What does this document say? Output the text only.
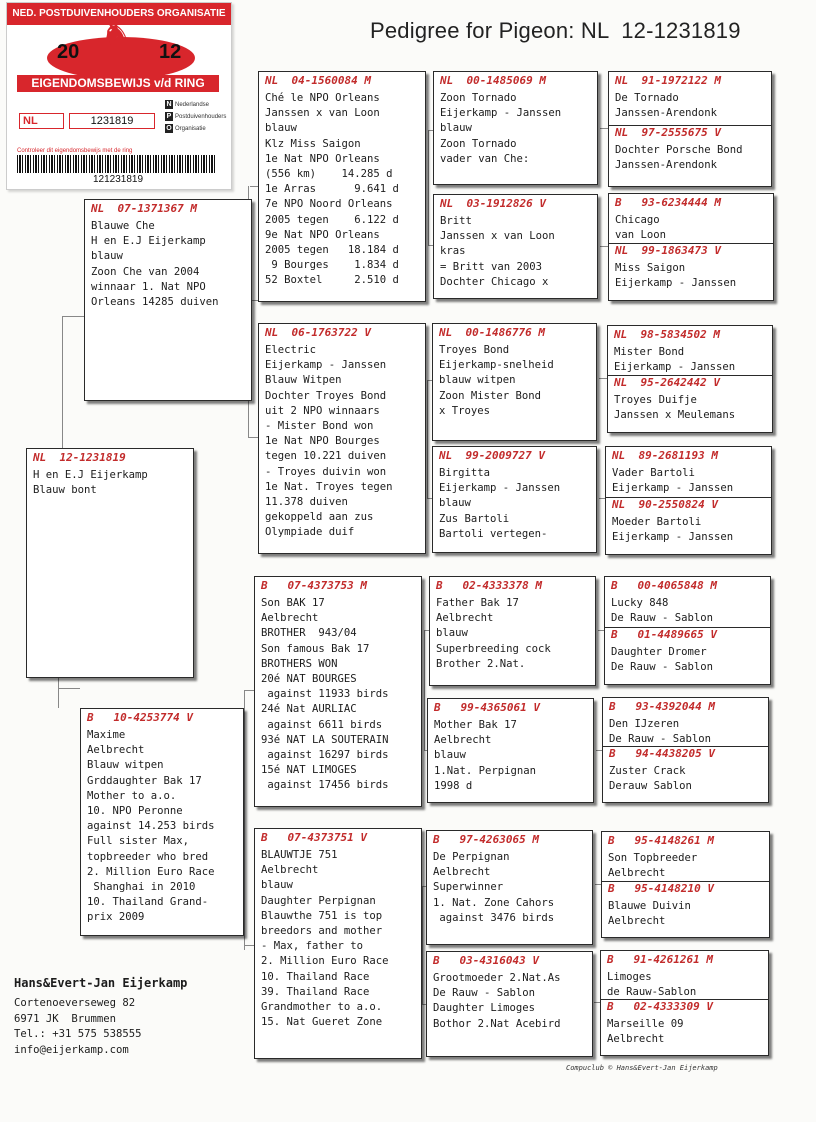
Pedigree for Pigeon: NL  12-1231819
NED. POSTDUIVENHOUDERS ORGANISATIE
♞
20	12
EIGENDOMSBEWIJS v/d RING
NL	1231819
N Nederlandse
P Postduivenhouders
O Organisatie
Controleer dit eigendomsbewijs met de ring
121231819
NL  12-1231819
H en E.J Eijerkamp
Blauw bont
NL  07-1371367 M
Blauwe Che
H en E.J Eijerkamp
blauw
Zoon Che van 2004
winnaar 1. Nat NPO
Orleans 14285 duiven
B   10-4253774 V
Maxime
Aelbrecht
Blauw witpen
Grddaughter Bak 17
Mother to a.o.
10. NPO Peronne
against 14.253 birds
Full sister Max,
topbreeder who bred
2. Million Euro Race
Shanghai in 2010
10. Thailand Grand-
prix 2009
NL  04-1560084 M
Ché le NPO Orleans
Janssen x van Loon
blauw
Klz Miss Saigon
1e Nat NPO Orleans
(556 km)    14.285 d
1e Arras      9.641 d
7e NPO Noord Orleans
2005 tegen    6.122 d
9e Nat NPO Orleans
2005 tegen   18.184 d
9 Bourges    1.834 d
52 Boxtel     2.510 d
NL  06-1763722 V
Electric
Eijerkamp - Janssen
Blauw Witpen
Dochter Troyes Bond
uit 2 NPO winnaars
- Mister Bond won
1e Nat NPO Bourges
tegen 10.221 duiven
- Troyes duivin won
1e Nat. Troyes tegen
11.378 duiven
gekoppeld aan zus
Olympiade duif
B   07-4373753 M
Son BAK 17
Aelbrecht
BROTHER  943/04
Son famous Bak 17
BROTHERS WON
20é NAT BOURGES
against 11933 birds
24é Nat AURLIAC
against 6611 birds
93é NAT LA SOUTERAIN
against 16297 birds
15é NAT LIMOGES
against 17456 birds
B   07-4373751 V
BLAUWTJE 751
Aelbrecht
blauw
Daughter Perpignan
Blauwthe 751 is top
breedors and mother
- Max, father to
2. Million Euro Race
10. Thailand Race
39. Thailand Race
Grandmother to a.o.
15. Nat Gueret Zone
NL  00-1485069 M
Zoon Tornado
Eijerkamp - Janssen
blauw
Zoon Tornado
vader van Che:
NL  03-1912826 V
Britt
Janssen x van Loon
kras
= Britt van 2003
Dochter Chicago x
NL  00-1486776 M
Troyes Bond
Eijerkamp-snelheid
blauw witpen
Zoon Mister Bond
x Troyes
NL  99-2009727 V
Birgitta
Eijerkamp - Janssen
blauw
Zus Bartoli
Bartoli vertegen-
B   02-4333378 M
Father Bak 17
Aelbrecht
blauw
Superbreeding cock
Brother 2.Nat.
B   99-4365061 V
Mother Bak 17
Aelbrecht
blauw
1.Nat. Perpignan
1998 d
B   97-4263065 M
De Perpignan
Aelbrecht
Superwinner
1. Nat. Zone Cahors
against 3476 birds
B   03-4316043 V
Grootmoeder 2.Nat.As
De Rauw - Sablon
Daughter Limoges
Bothor 2.Nat Acebird
NL  91-1972122 M
De Tornado
Janssen-Arendonk
NL  97-2555675 V
Dochter Porsche Bond
Janssen-Arendonk
B   93-6234444 M
Chicago
van Loon
NL  99-1863473 V
Miss Saigon
Eijerkamp - Janssen
NL  98-5834502 M
Mister Bond
Eijerkamp - Janssen
NL  95-2642442 V
Troyes Duifje
Janssen x Meulemans
NL  89-2681193 M
Vader Bartoli
Eijerkamp - Janssen
NL  90-2550824 V
Moeder Bartoli
Eijerkamp - Janssen
B   00-4065848 M
Lucky 848
De Rauw - Sablon
B   01-4489665 V
Daughter Dromer
De Rauw - Sablon
B   93-4392044 M
Den IJzeren
De Rauw - Sablon
B   94-4438205 V
Zuster Crack
Derauw Sablon
B   95-4148261 M
Son Topbreeder
Aelbrecht
B   95-4148210 V
Blauwe Duivin
Aelbrecht
B   91-4261261 M
Limoges
de Rauw-Sablon
B   02-4333309 V
Marseille 09
Aelbrecht
Hans&Evert-Jan Eijerkamp
Cortenoeverseweg 82
6971 JK  Brummen
Tel.: +31 575 538555
info@eijerkamp.com
Compuclub © Hans&Evert-Jan Eijerkamp
